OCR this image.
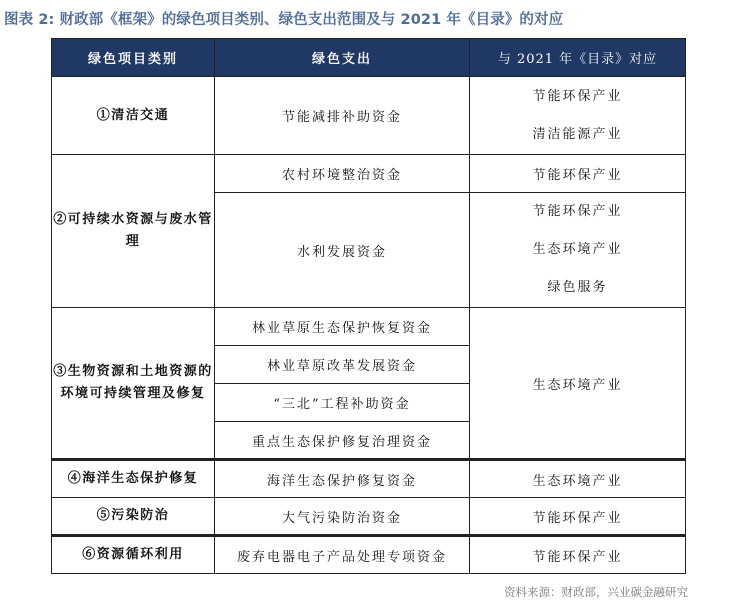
图表 2: 财政部《框架》的绿色项目类别、绿色支出范围及与 2021 年《目录》的对应
绿色项目类别	绿色支出	与 2021 年《目录》对应
①清洁交通	节能减排补助资金	节能环保产业
清洁能源产业

②可持续水资源与废水管理	农村环境整治资金	节能环保产业
	水利发展资金	节能环保产业
生态环境产业
绿色服务

③生物资源和土地资源的环境可持续管理及修复	林业草原生态保护恢复资金	生态环境产业
	林业草原改革发展资金	
	“三北”工程补助资金	
	重点生态保护修复治理资金	
④海洋生态保护修复	海洋生态保护修复资金	生态环境产业
⑤污染防治	大气污染防治资金	节能环保产业
⑥资源循环利用	废弃电器电子产品处理专项资金	节能环保产业
资料来源：财政部，兴业碳金融研究
